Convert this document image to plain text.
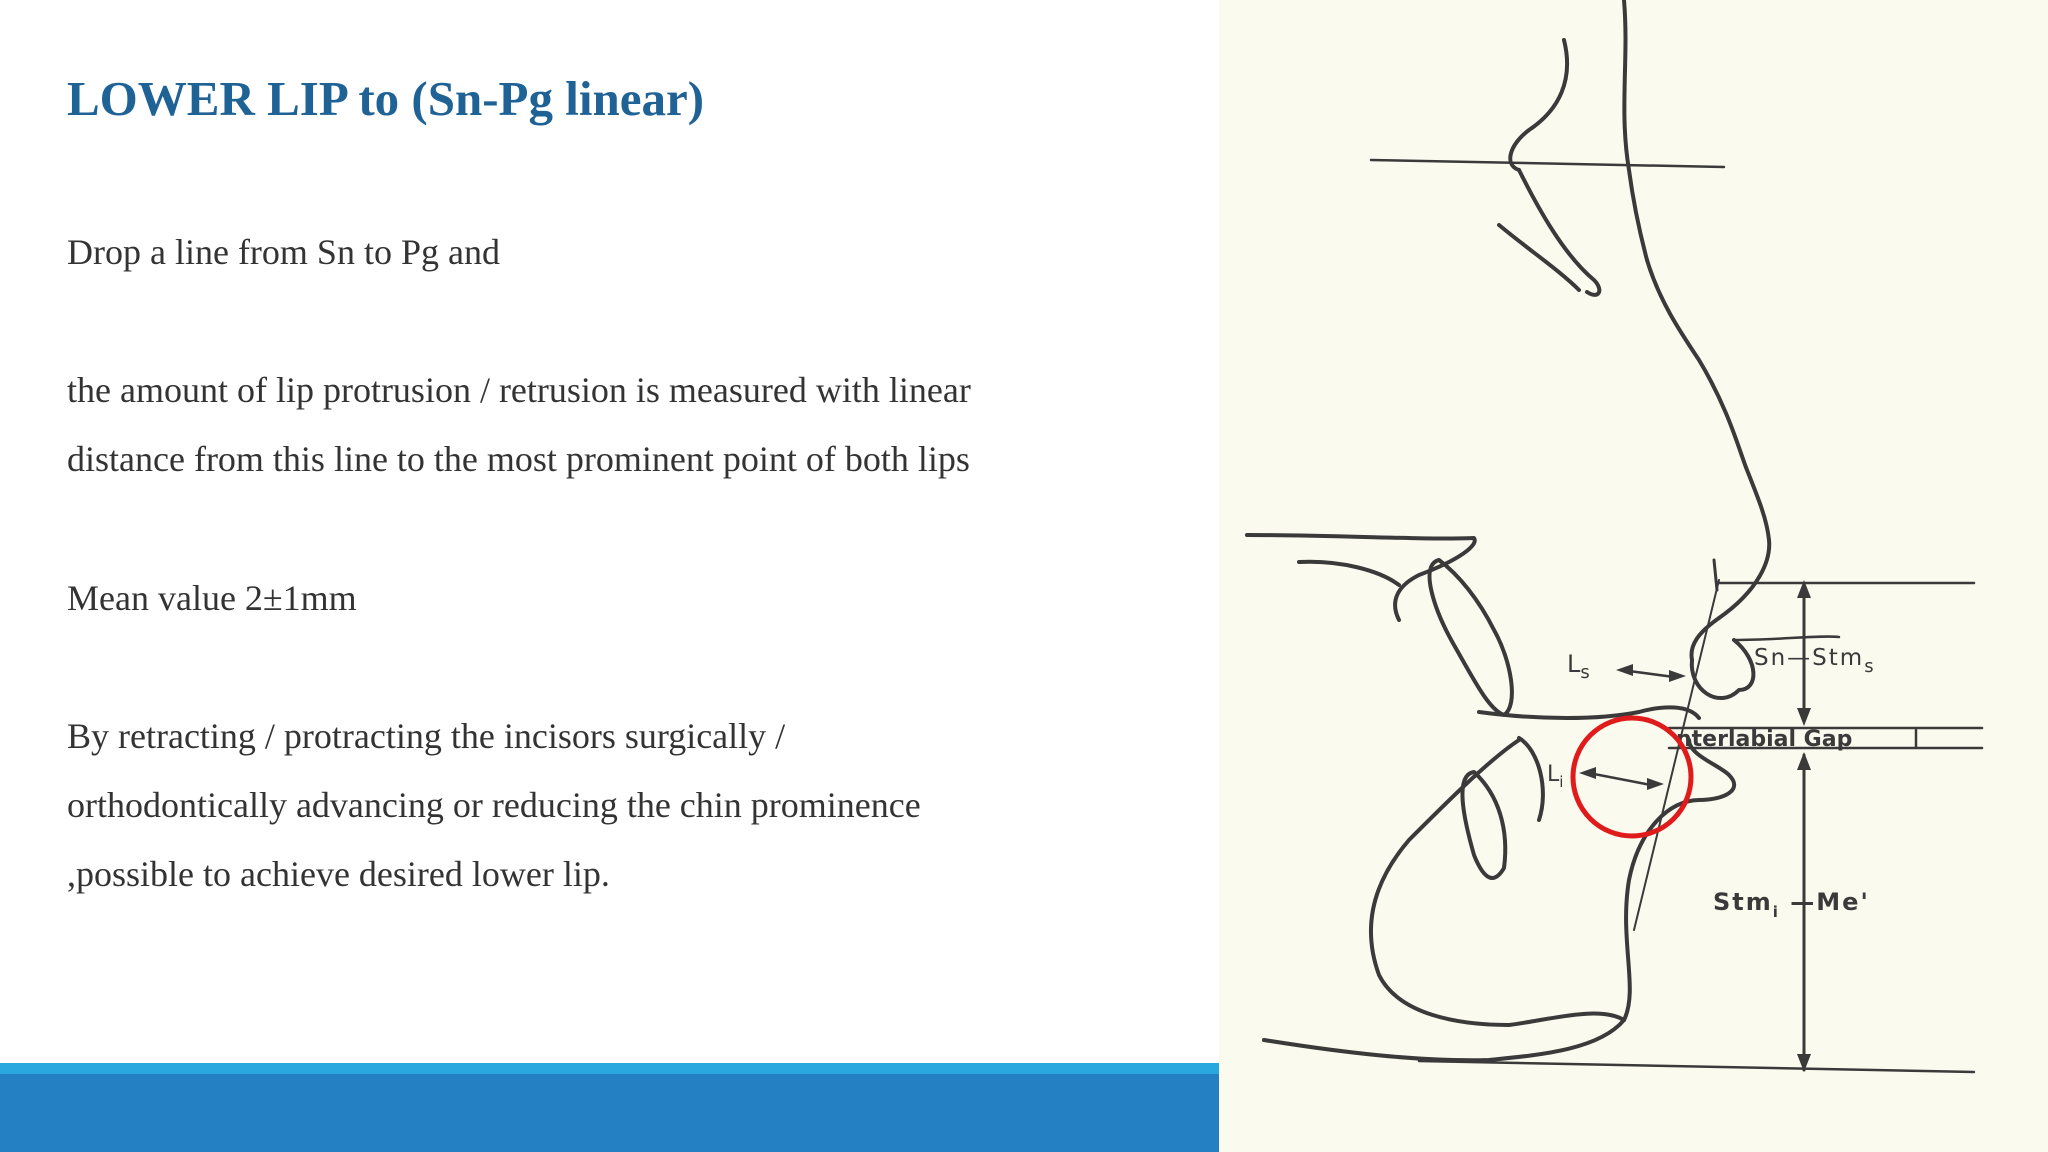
LOWER LIP to (Sn-Pg linear)

Drop a line from Sn to Pg and

the amount of lip protrusion / retrusion is measured with linear

distance from this line to the most prominent point of both lips

Mean value 2±1mm

By retracting / protracting the incisors surgically /

orthodontically advancing or reducing the chin prominence

,possible to achieve desired lower lip.

$L_s$
$L_i$
Sn—Stm$_s$
nterlabial Gap
Stm$_i$ —Me'
